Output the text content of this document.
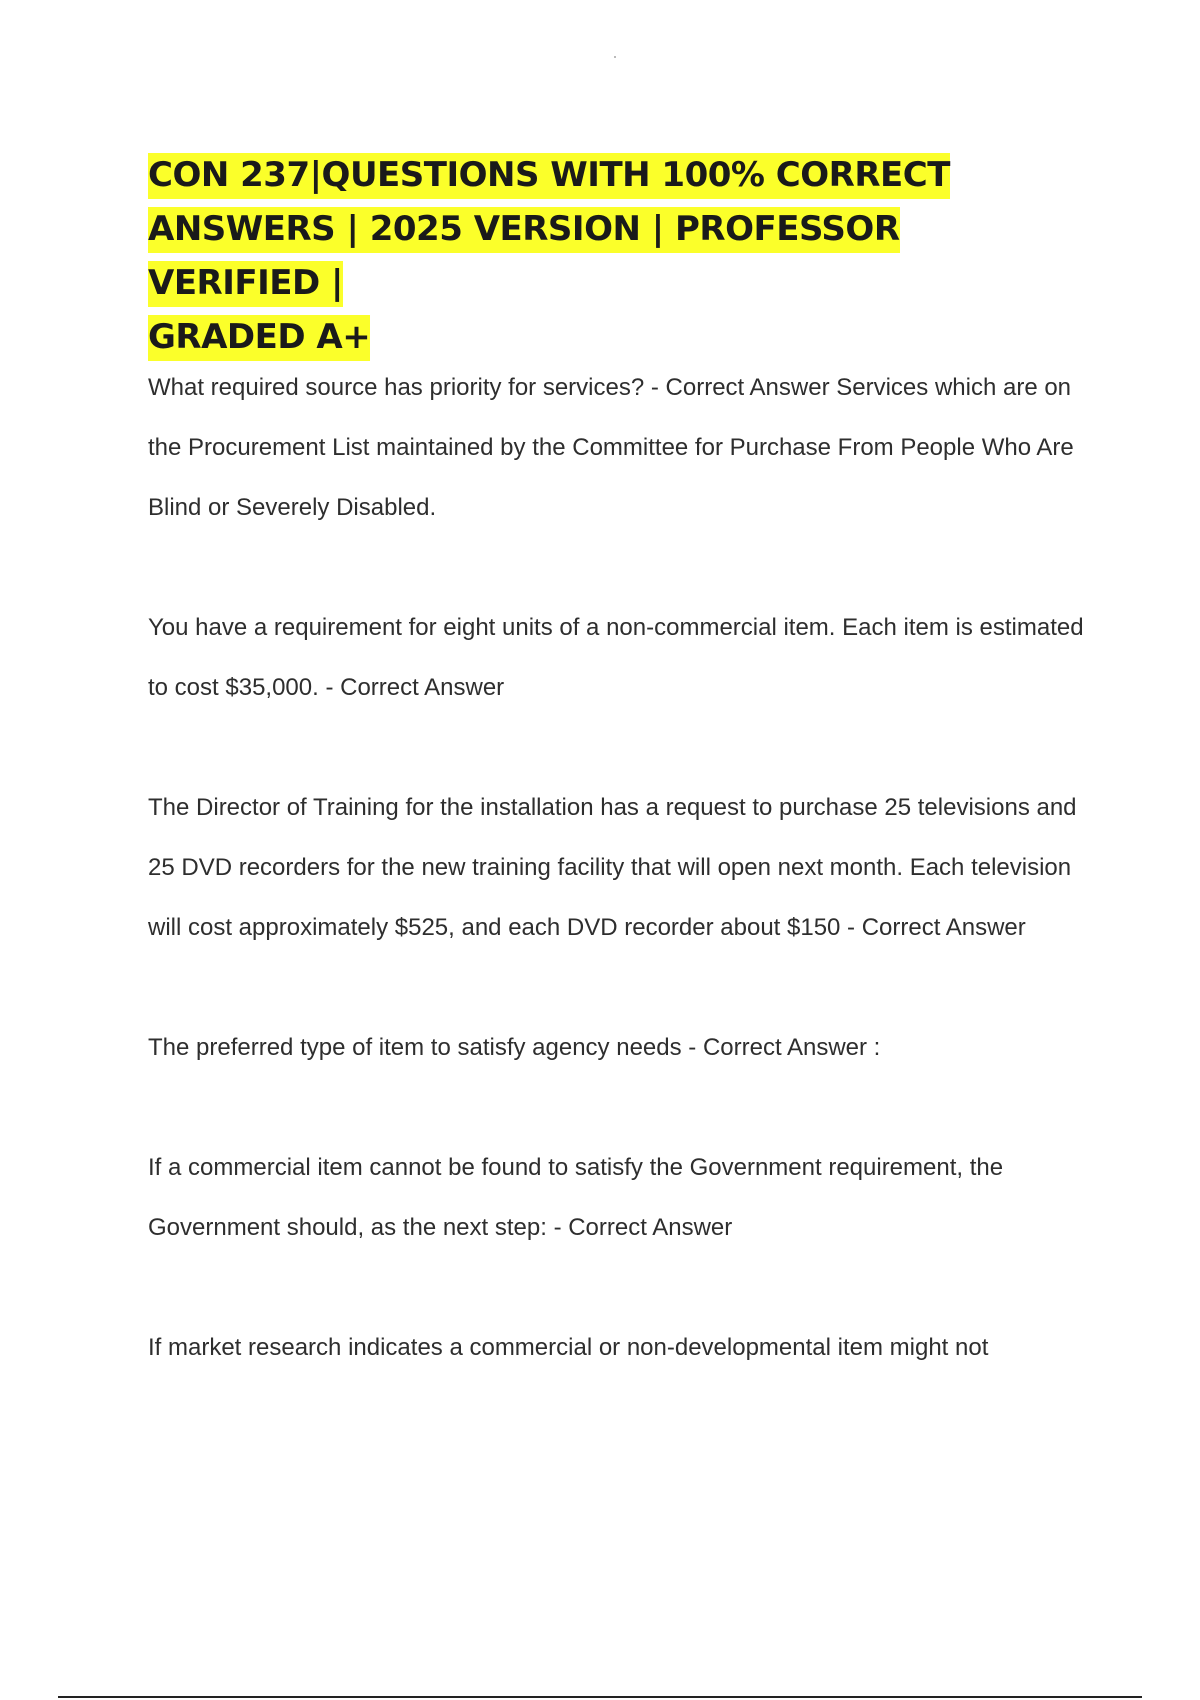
CON 237|QUESTIONS WITH 100% CORRECT
ANSWERS | 2025 VERSION | PROFESSOR VERIFIED |
GRADED A+
What required source has priority for services? - Correct Answer Services which are on the Procurement List maintained by the Committee for Purchase From People Who Are Blind or Severely Disabled.
You have a requirement for eight units of a non-commercial item. Each item is estimated to cost $35,000. - Correct Answer
The Director of Training for the installation has a request to purchase 25 televisions and 25 DVD recorders for the new training facility that will open next month. Each television will cost approximately $525, and each DVD recorder about $150 - Correct Answer
The preferred type of item to satisfy agency needs - Correct Answer :
If a commercial item cannot be found to satisfy the Government requirement, the Government should, as the next step: - Correct Answer
If market research indicates a commercial or non-developmental item might not
